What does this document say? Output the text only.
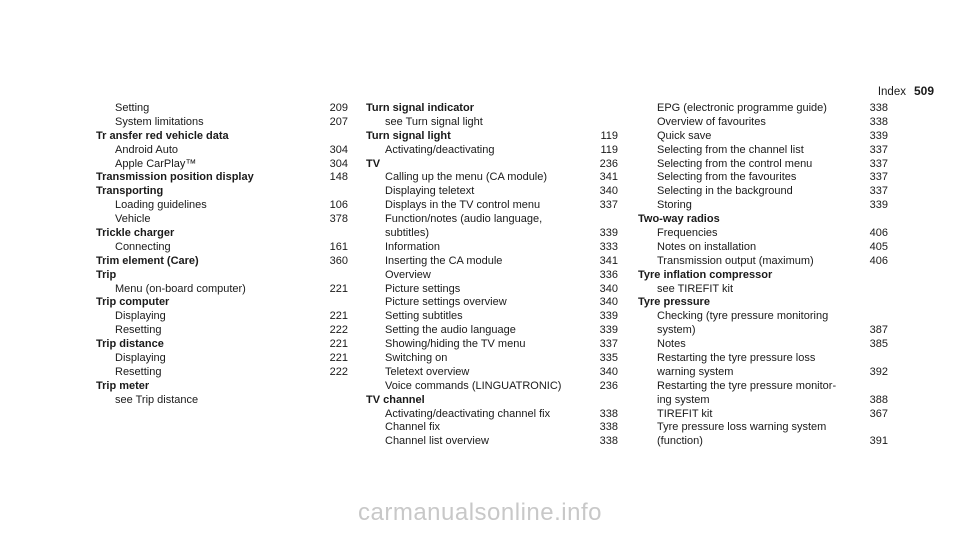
Index 509
Setting	209
System limitations	207
Tr ansfer red vehicle data
Android Auto	304
Apple CarPlay™	304
Transmission position display	148
Transporting
Loading guidelines	106
Vehicle	378
Trickle charger
Connecting	161
Trim element (Care)	360
Trip
Menu (on-board computer)	221
Trip computer
Displaying	221
Resetting	222
Trip distance	221
Displaying	221
Resetting	222
Trip meter
see Trip distance
Turn signal indicator
see Turn signal light
Turn signal light	119
Activating/deactivating	119
TV	236
Calling up the menu (CA module)	341
Displaying teletext	340
Displays in the TV control menu	337
Function/notes (audio language,
subtitles)	339
Information	333
Inserting the CA module	341
Overview	336
Picture settings	340
Picture settings overview	340
Setting subtitles	339
Setting the audio language	339
Showing/hiding the TV menu	337
Switching on	335
Teletext overview	340
Voice commands (LINGUATRONIC)	236
TV channel
Activating/deactivating channel fix	338
Channel fix	338
Channel list overview	338
EPG (electronic programme guide)	338
Overview of favourites	338
Quick save	339
Selecting from the channel list	337
Selecting from the control menu	337
Selecting from the favourites	337
Selecting in the background	337
Storing	339
Two-way radios
Frequencies	406
Notes on installation	405
Transmission output (maximum)	406
Tyre inflation compressor
see TIREFIT kit
Tyre pressure
Checking (tyre pressure monitoring
system)	387
Notes	385
Restarting the tyre pressure loss
warning system	392
Restarting the tyre pressure monitor-
ing system	388
TIREFIT kit	367
Tyre pressure loss warning system
(function)	391
carmanualsonline.info
